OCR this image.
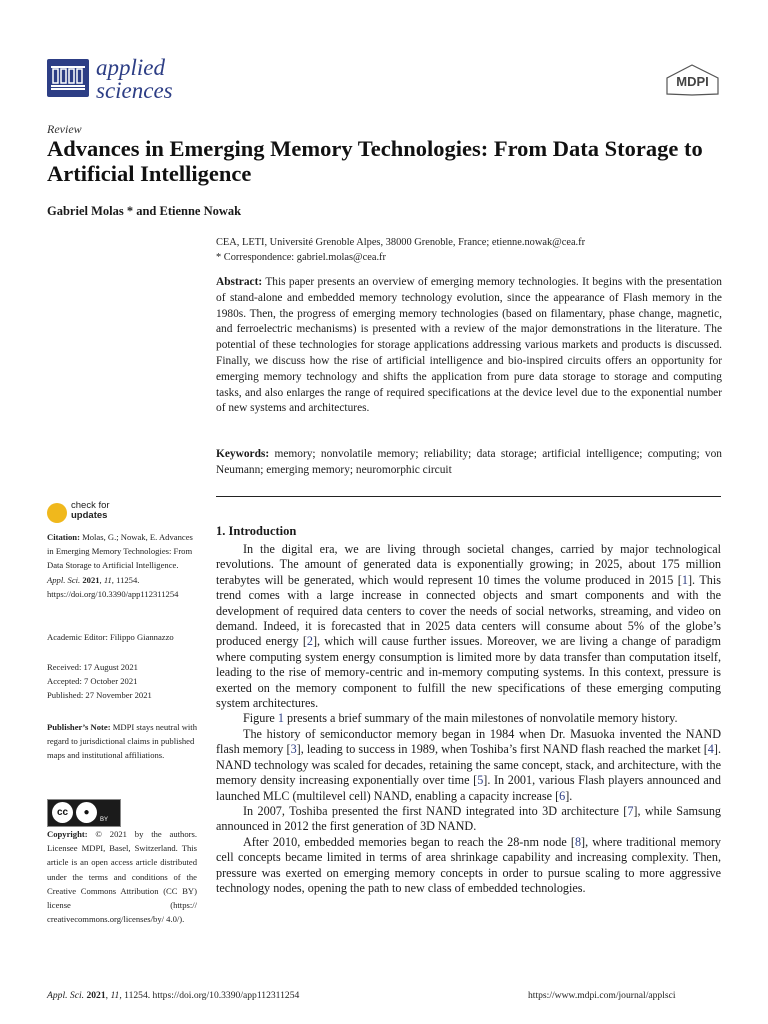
applied
sciences	MDPI
Review
Advances in Emerging Memory Technologies: From Data Storage to Artificial Intelligence
Gabriel Molas * and Etienne Nowak
CEA, LETI, Université Grenoble Alpes, 38000 Grenoble, France; etienne.nowak@cea.fr
* Correspondence: gabriel.molas@cea.fr
Abstract: This paper presents an overview of emerging memory technologies. It begins with the presentation of stand-alone and embedded memory technology evolution, since the appearance of Flash memory in the 1980s. Then, the progress of emerging memory technologies (based on filamentary, phase change, magnetic, and ferroelectric mechanisms) is presented with a review of the major demonstrations in the literature. The potential of these technologies for storage applications addressing various markets and products is discussed. Finally, we discuss how the rise of artificial intelligence and bio-inspired circuits offers an opportunity for emerging memory technology and shifts the application from pure data storage to storage and computing tasks, and also enlarges the range of required specifications at the device level due to the exponential number of new systems and architectures.
Keywords: memory; nonvolatile memory; reliability; data storage; artificial intelligence; computing; von Neumann; emerging memory; neuromorphic circuit
check for
updates
Citation: Molas, G.; Nowak, E. Advances in Emerging Memory Technologies: From Data Storage to Artificial Intelligence. Appl. Sci. 2021, 11, 11254. https://doi.org/10.3390/app112311254
Academic Editor: Filippo Giannazzo
Received: 17 August 2021
Accepted: 7 October 2021
Published: 27 November 2021
Publisher’s Note: MDPI stays neutral with regard to jurisdictional claims in published maps and institutional affiliations.
cc	●
BY
Copyright: © 2021 by the authors. Licensee MDPI, Basel, Switzerland. This article is an open access article distributed under the terms and conditions of the Creative Commons Attribution (CC BY) license (https:// creativecommons.org/licenses/by/ 4.0/).
1. Introduction

In the digital era, we are living through societal changes, carried by major technological revolutions. The amount of generated data is exponentially growing; in 2025, about 175 million terabytes will be generated, which would represent 10 times the volume produced in 2015 [1]. This trend comes with a large increase in connected objects and smart components and with the development of required data centers to cover the needs of social networks, streaming, and video on demand. Indeed, it is forecasted that in 2025 data centers will consume about 5% of the globe’s produced energy [2], which will cause further issues. Moreover, we are living a change of paradigm where computing system energy consumption is limited more by data transfer than computation itself, leading to the rise of memory-centric and in-memory computing systems. In this context, pressure is exerted on the memory component to fulfill the new specifications of these emerging computing system architectures.

Figure 1 presents a brief summary of the main milestones of nonvolatile memory history.

The history of semiconductor memory began in 1984 when Dr. Masuoka invented the NAND flash memory [3], leading to success in 1989, when Toshiba’s first NAND flash reached the market [4]. NAND technology was scaled for decades, retaining the same concept, stack, and architecture, with the memory density increasing exponentially over time [5]. In 2001, various Flash players announced and launched MLC (multilevel cell) NAND, enabling a capacity increase [6].

In 2007, Toshiba presented the first NAND integrated into 3D architecture [7], while Samsung announced in 2012 the first generation of 3D NAND.

After 2010, embedded memories began to reach the 28-nm node [8], where traditional memory cell concepts became limited in terms of area shrinkage capability and increasing complexity. Then, pressure was exerted on emerging memory concepts in order to pursue scaling to more aggressive technology nodes, opening the path to new class of embedded technologies.

Appl. Sci. 2021, 11, 11254. https://doi.org/10.3390/app112311254	https://www.mdpi.com/journal/applsci
